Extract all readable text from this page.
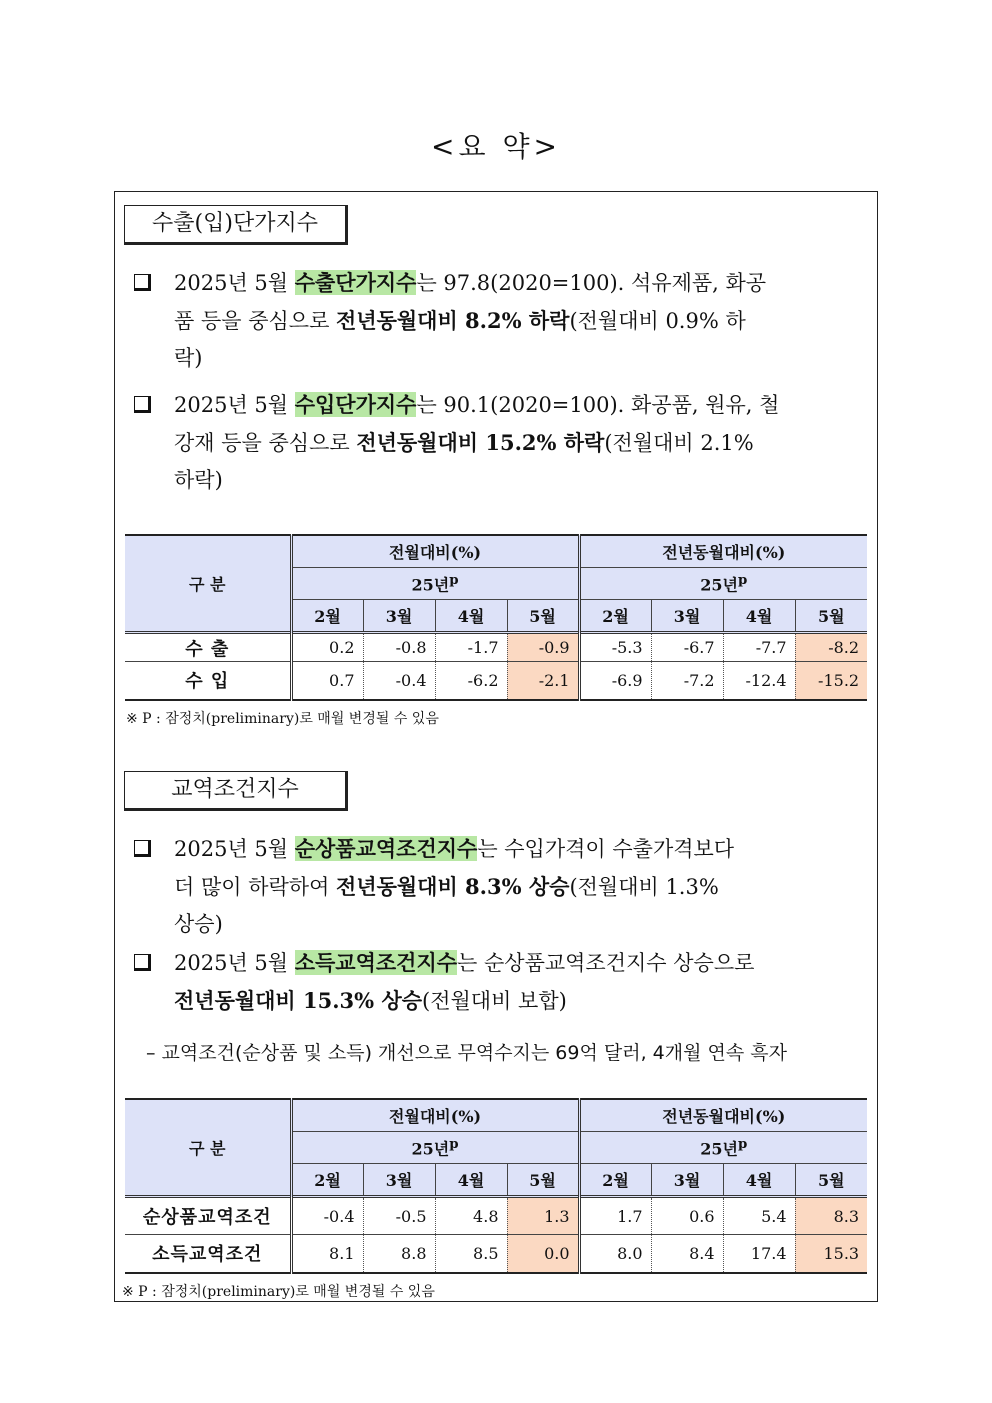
<요 약>
수출(입)단가지수
2025년 5월 수출단가지수는 97.8(2020=100). 석유제품, 화공
품 등을 중심으로 전년동월대비 8.2% 하락(전월대비 0.9% 하
락)
2025년 5월 수입단가지수는 90.1(2020=100). 화공품, 원유, 철
강재 등을 중심으로 전년동월대비 15.2% 하락(전월대비 2.1%
하락)
구 분	전월대비(%)				전년동월대비(%)			
	25년$^p$				25년$^p$
	2월	3월	4월	5월	2월	3월	4월	5월
수 출	0.2	-0.8	-1.7	-0.9	-5.3	-6.7	-7.7	-8.2
수 입	0.7	-0.4	-6.2	-2.1	-6.9	-7.2	-12.4	-15.2
※ P : 잠정치(preliminary)로 매월 변경될 수 있음
교역조건지수
2025년 5월 순상품교역조건지수는 수입가격이 수출가격보다
더 많이 하락하여 전년동월대비 8.3% 상승(전월대비 1.3%
상승)
2025년 5월 소득교역조건지수는 순상품교역조건지수 상승으로
전년동월대비 15.3% 상승(전월대비 보합)
– 교역조건(순상품 및 소득) 개선으로 무역수지는 69억 달러, 4개월 연속 흑자
구 분	전월대비(%)				전년동월대비(%)			
	25년$^p$				25년$^p$
	2월	3월	4월	5월	2월	3월	4월	5월
순상품교역조건	-0.4	-0.5	4.8	1.3	1.7	0.6	5.4	8.3
소득교역조건	8.1	8.8	8.5	0.0	8.0	8.4	17.4	15.3
※ P : 잠정치(preliminary)로 매월 변경될 수 있음
